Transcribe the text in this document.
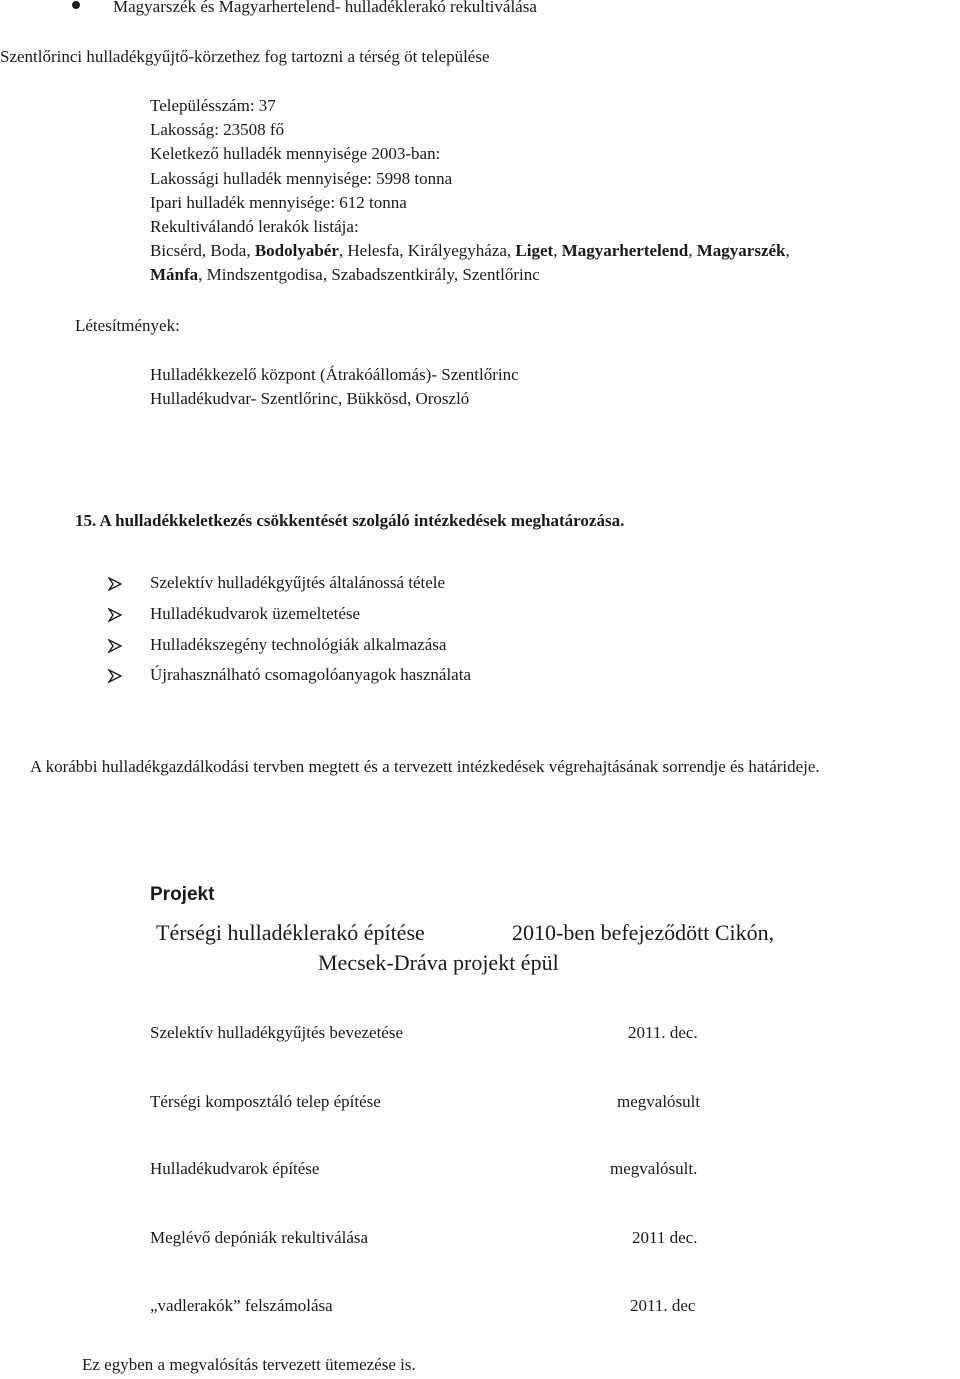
Magyarszék és Magyarhertelend- hulladéklerakó rekultiválása
Szentlőrinci hulladékgyűjtő-körzethez fog tartozni a térség öt települése
Településszám: 37
Lakosság: 23508 fő
Keletkező hulladék mennyisége 2003-ban:
Lakossági hulladék mennyisége: 5998 tonna
Ipari hulladék mennyisége: 612 tonna
Rekultiválandó lerakók listája:
Bicsérd, Boda, Bodolyabér, Helesfa, Királyegyháza, Liget, Magyarhertelend, Magyarszék,
Mánfa, Mindszentgodisa, Szabadszentkirály, Szentlőrinc
Létesítmények:
Hulladékkezelő központ (Átrakóállomás)- Szentlőrinc
Hulladékudvar- Szentlőrinc, Bükkösd, Oroszló
15. A hulladékkeletkezés csökkentését szolgáló intézkedések meghatározása.
Szelektív hulladékgyűjtés általánossá tétele
Hulladékudvarok üzemeltetése
Hulladékszegény technológiák alkalmazása
Újrahasználható csomagolóanyagok használata
A korábbi hulladékgazdálkodási tervben megtett és a tervezett intézkedések végrehajtásának sorrendje és határideje.
Projekt
Térségi hulladéklerakó építése	2010-ben befejeződött Cikón,
Mecsek-Dráva projekt épül
Szelektív hulladékgyűjtés bevezetése	2011. dec.
Térségi komposztáló telep építése	megvalósult
Hulladékudvarok építése	megvalósult.
Meglévő depóniák rekultiválása	2011 dec.
„vadlerakók” felszámolása	2011. dec
Ez egyben a megvalósítás tervezett ütemezése is.
